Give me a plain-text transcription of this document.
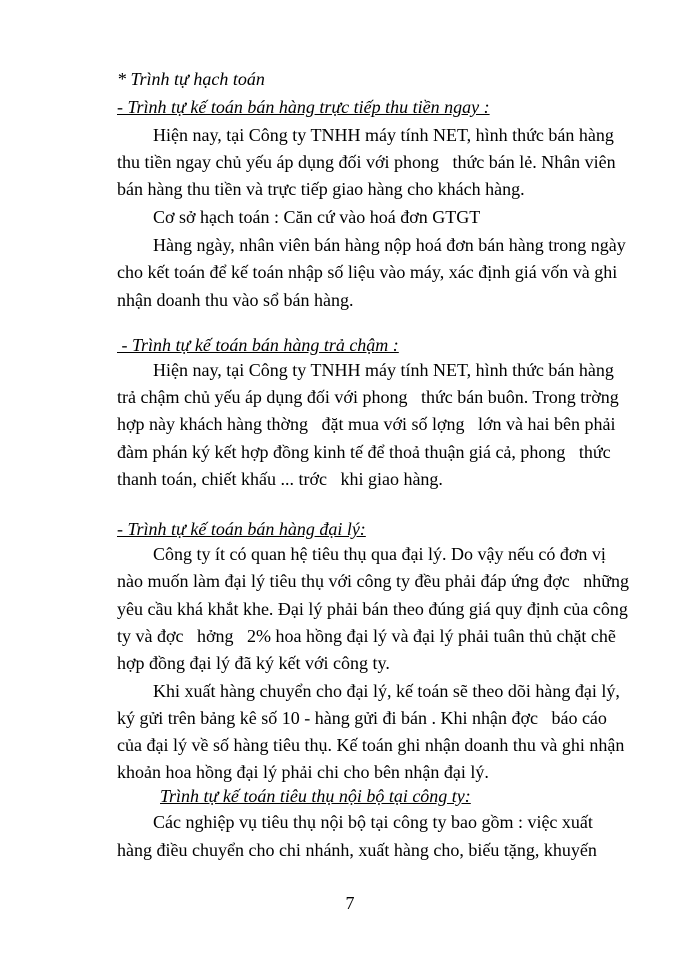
* Trình tự hạch toán
- Trình tự kế toán bán hàng trực tiếp thu tiền ngay :
Hiện nay, tại Công ty TNHH máy tính NET, hình thức bán hàng
thu tiền ngay chủ yếu áp dụng đối với phong   thức bán lẻ. Nhân viên
bán hàng thu tiền và trực tiếp giao hàng cho khách hàng.
Cơ sở hạch toán : Căn cứ vào hoá đơn GTGT
Hàng ngày, nhân viên bán hàng nộp hoá đơn bán hàng trong ngày
cho kết toán để kế toán nhập số liệu vào máy, xác định giá vốn và ghi
nhận doanh thu vào sổ bán hàng.
- Trình tự kế toán bán hàng trả chậm :
Hiện nay, tại Công ty TNHH máy tính NET, hình thức bán hàng
trả chậm chủ yếu áp dụng đối với phong   thức bán buôn. Trong trờng
hợp này khách hàng thờng   đặt mua với số lợng   lớn và hai bên phải
đàm phán ký kết hợp đồng kinh tế để thoả thuận giá cả, phong   thức
thanh toán, chiết khấu ... trớc   khi giao hàng.
- Trình tự kế toán bán hàng đại lý:
Công ty ít có quan hệ tiêu thụ qua đại lý. Do vậy nếu có đơn vị
nào muốn làm đại lý tiêu thụ với công ty đều phải đáp ứng đợc   những
yêu cầu khá khắt khe. Đại lý phải bán theo đúng giá quy định của công
ty và đợc   hởng   2% hoa hồng đại lý và đại lý phải tuân thủ chặt chẽ
hợp đồng đại lý đã ký kết với công ty.
Khi xuất hàng chuyển cho đại lý, kế toán sẽ theo dõi hàng đại lý,
ký gửi trên bảng kê số 10 - hàng gửi đi bán . Khi nhận đợc   báo cáo
của đại lý về số hàng tiêu thụ. Kế toán ghi nhận doanh thu và ghi nhận
khoản hoa hồng đại lý phải chi cho bên nhận đại lý.
Trình tự kế toán tiêu thụ nội bộ tại công ty:
Các nghiệp vụ tiêu thụ nội bộ tại công ty bao gồm : việc xuất
hàng điều chuyển cho chi nhánh, xuất hàng cho, biếu tặng, khuyến
7
